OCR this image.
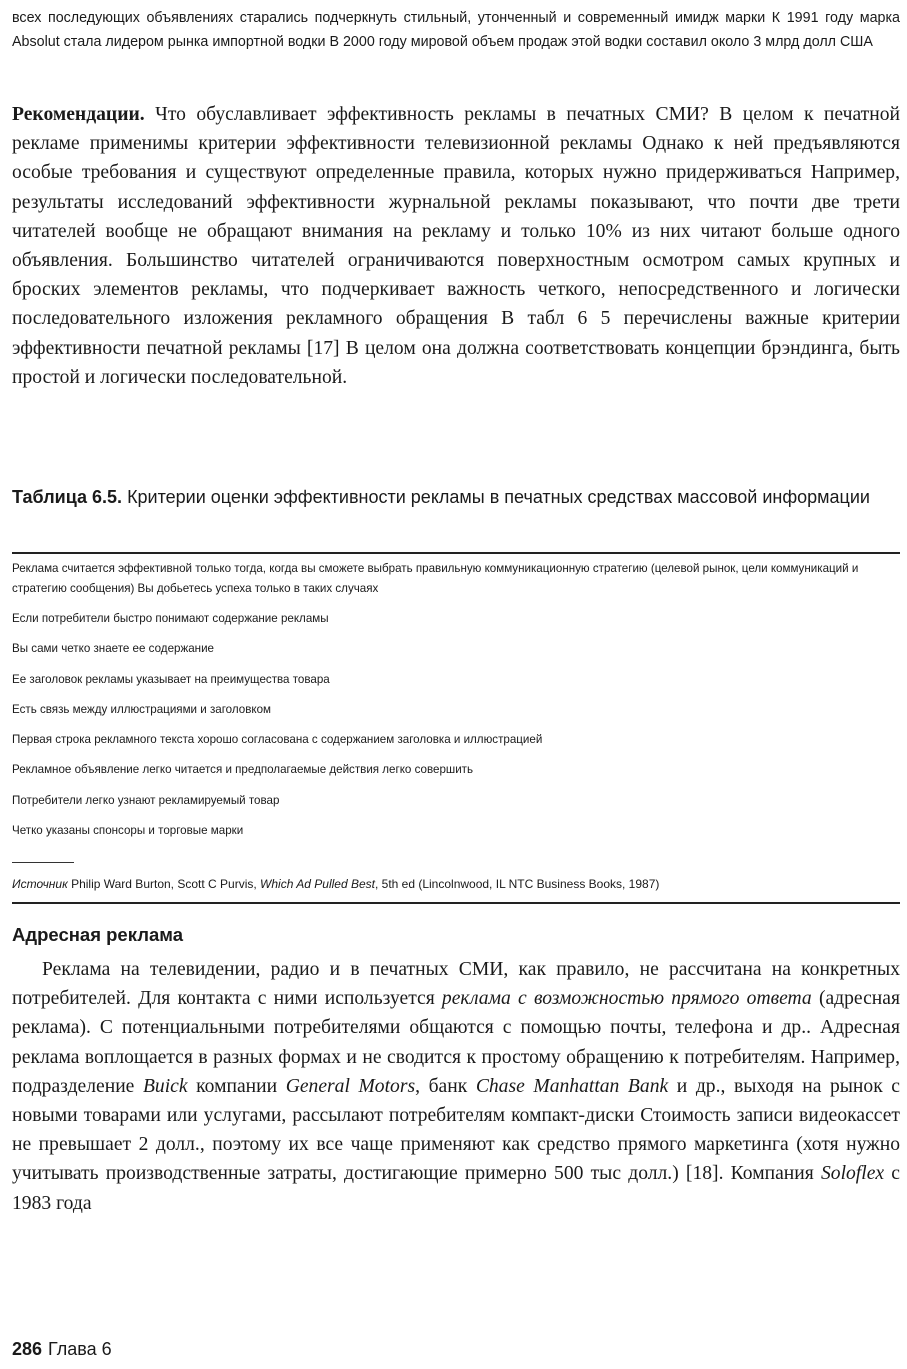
всех последующих объявлениях старались подчеркнуть стильный, утонченный и современный имидж марки К 1991 году марка Absolut стала лидером рынка импортной водки В 2000 году мировой объем продаж этой водки составил около 3 млрд долл США

Рекомендации. Что обуславливает эффективность рекламы в печатных СМИ? В целом к печатной рекламе применимы критерии эффективности телевизионной рекламы Однако к ней предъявляются особые требования и существуют определенные правила, которых нужно придерживаться Например, результаты исследований эффективности журнальной рекламы показывают, что почти две трети читателей вообще не обращают внимания на рекламу и только 10% из них читают больше одного объявления. Большинство читателей ограничиваются поверхностным осмотром самых крупных и броских элементов рекламы, что подчеркивает важность четкого, непосредственного и логически последовательного изложения рекламного обращения В табл 6 5 перечислены важные критерии эффективности печатной рекламы [17] В целом она должна соответствовать концепции брэндинга, быть простой и логически последовательной.

Таблица 6.5. Критерии оценки эффективности рекламы в печатных средствах массовой информации

Реклама считается эффективной только тогда, когда вы сможете выбрать правильную коммуникационную стратегию (целевой рынок, цели коммуникаций и стратегию сообщения) Вы добьетесь успеха только в таких случаях
Если потребители быстро понимают содержание рекламы
Вы сами четко знаете ее содержание
Ее заголовок рекламы указывает на преимущества товара
Есть связь между иллюстрациями и заголовком
Первая строка рекламного текста хорошо согласована с содержанием заголовка и иллюстрацией
Рекламное объявление легко читается и предполагаемые действия легко совершить
Потребители легко узнают рекламируемый товар
Четко указаны спонсоры и торговые марки

Источник Philip Ward Burton, Scott C Purvis, Which Ad Pulled Best, 5th ed (Lincolnwood, IL NTC Business Books, 1987)

Адресная реклама

Реклама на телевидении, радио и в печатных СМИ, как правило, не рассчитана на конкретных потребителей. Для контакта с ними используется реклама с возможностью прямого ответа (адресная реклама). С потенциальными потребителями общаются с помощью почты, телефона и др.. Адресная реклама воплощается в разных формах и не сводится к простому обращению к потребителям. Например, подразделение Buick компании General Motors, банк Chase Manhattan Bank и др., выходя на рынок с новыми товарами или услугами, рассылают потребителям компакт-диски Стоимость записи видеокассет не превышает 2 долл., поэтому их все чаще применяют как средство прямого маркетинга (хотя нужно учитывать производственные затраты, достигающие примерно 500 тыс долл.) [18]. Компания Soloflex с 1983 года

286 Глава 6
